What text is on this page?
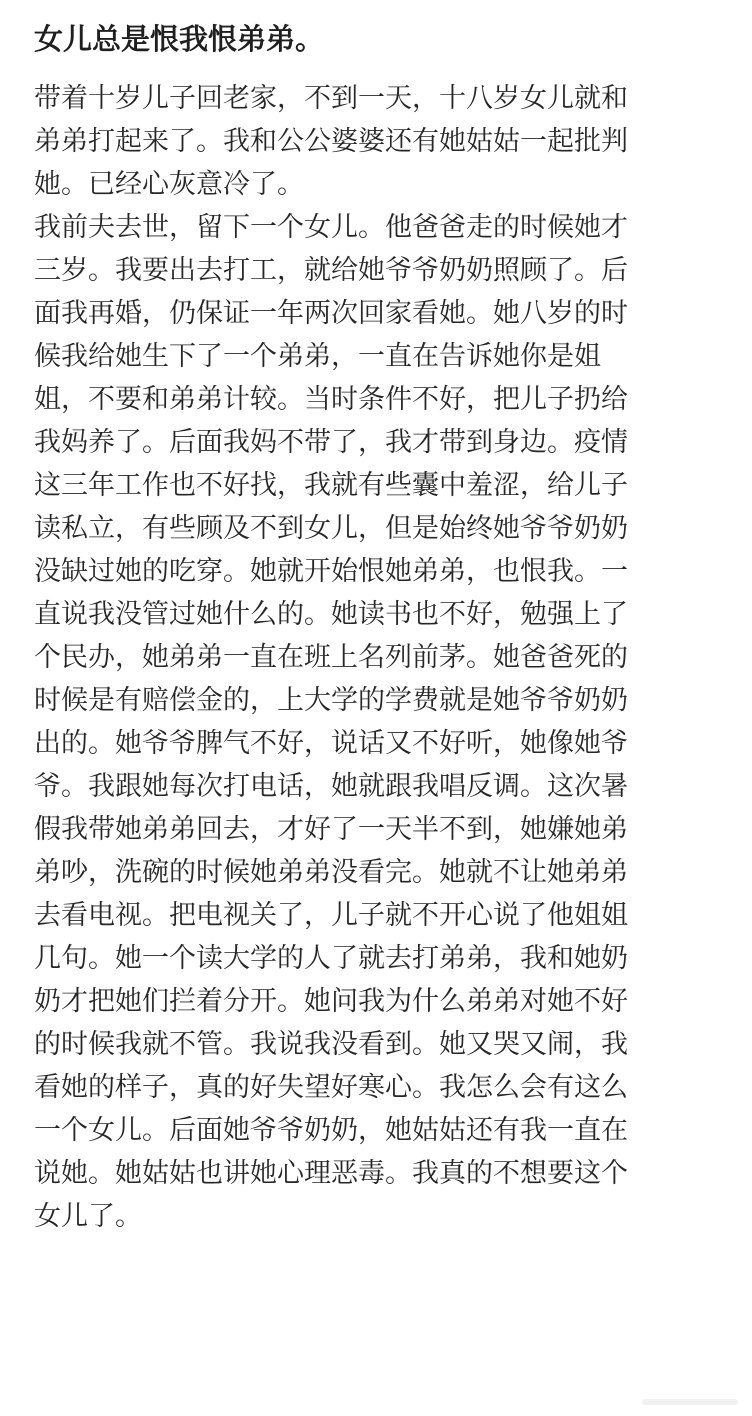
女儿总是恨我恨弟弟。
带着十岁儿子回老家，不到一天，十八岁女儿就和
弟弟打起来了。我和公公婆婆还有她姑姑一起批判
她。已经心灰意冷了。
我前夫去世，留下一个女儿。他爸爸走的时候她才
三岁。我要出去打工，就给她爷爷奶奶照顾了。后
面我再婚，仍保证一年两次回家看她。她八岁的时
候我给她生下了一个弟弟，一直在告诉她你是姐
姐，不要和弟弟计较。当时条件不好，把儿子扔给
我妈养了。后面我妈不带了，我才带到身边。疫情
这三年工作也不好找，我就有些囊中羞涩，给儿子
读私立，有些顾及不到女儿，但是始终她爷爷奶奶
没缺过她的吃穿。她就开始恨她弟弟，也恨我。一
直说我没管过她什么的。她读书也不好，勉强上了
个民办，她弟弟一直在班上名列前茅。她爸爸死的
时候是有赔偿金的，上大学的学费就是她爷爷奶奶
出的。她爷爷脾气不好，说话又不好听，她像她爷
爷。我跟她每次打电话，她就跟我唱反调。这次暑
假我带她弟弟回去，才好了一天半不到，她嫌她弟
弟吵，洗碗的时候她弟弟没看完。她就不让她弟弟
去看电视。把电视关了，儿子就不开心说了他姐姐
几句。她一个读大学的人了就去打弟弟，我和她奶
奶才把她们拦着分开。她问我为什么弟弟对她不好
的时候我就不管。我说我没看到。她又哭又闹，我
看她的样子，真的好失望好寒心。我怎么会有这么
一个女儿。后面她爷爷奶奶，她姑姑还有我一直在
说她。她姑姑也讲她心理恶毒。我真的不想要这个
女儿了。
